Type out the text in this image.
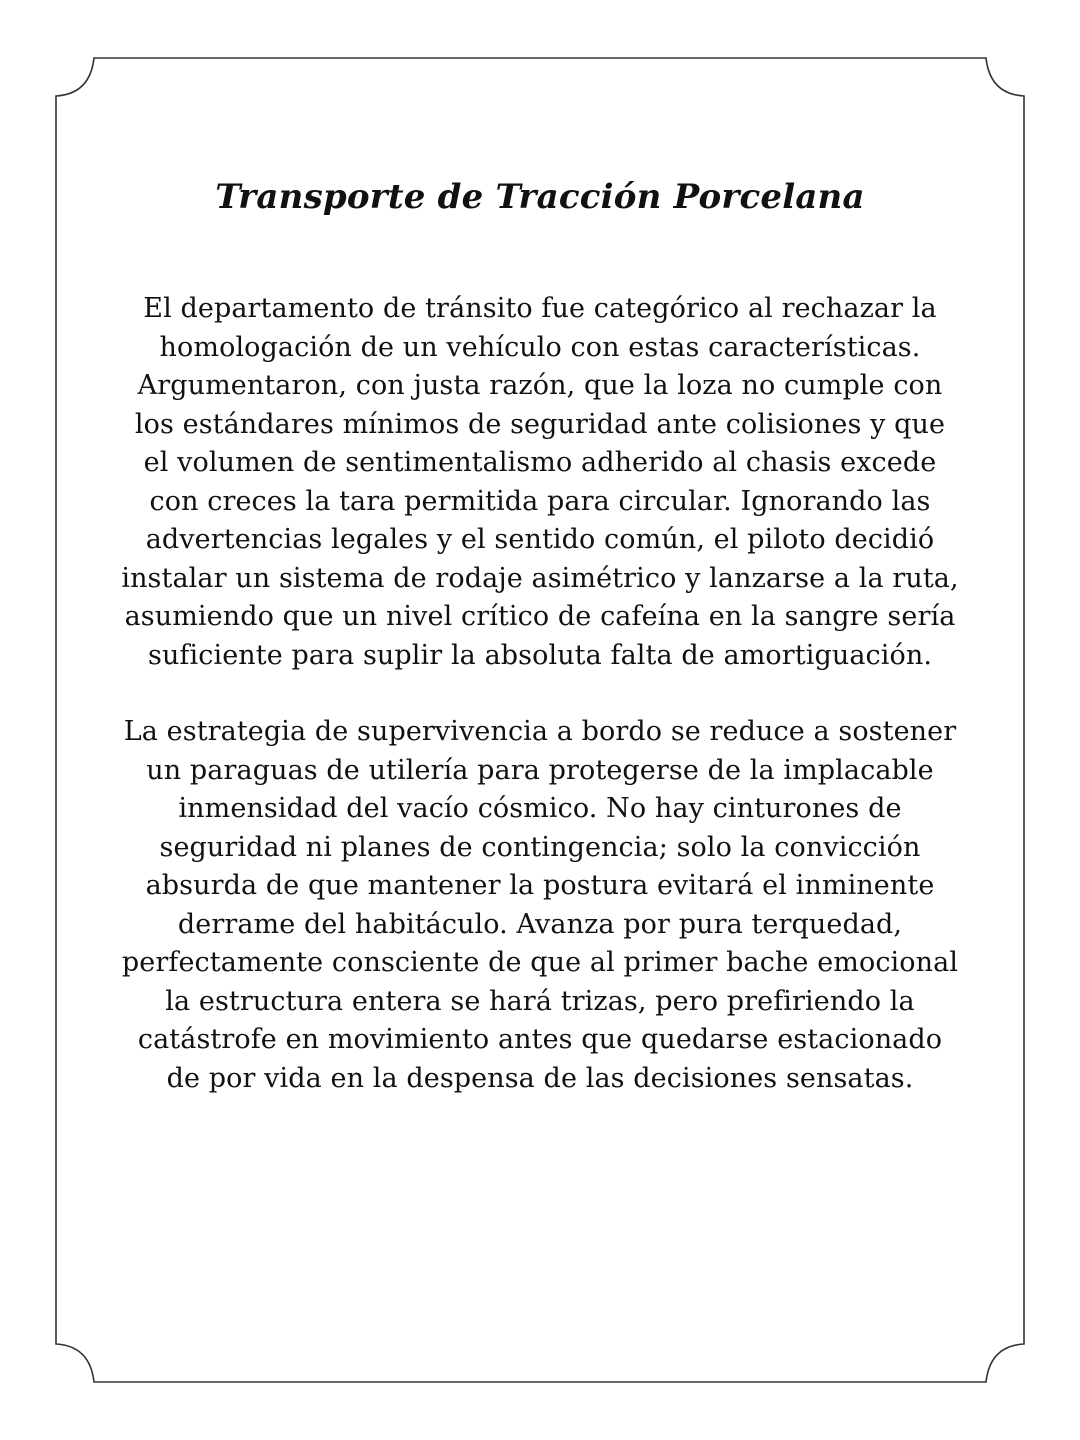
Transporte de Tracción Porcelana

El departamento de tránsito fue categórico al rechazar la homologación de un vehículo con estas características. Argumentaron, con justa razón, que la loza no cumple con los estándares mínimos de seguridad ante colisiones y que el volumen de sentimentalismo adherido al chasis excede con creces la tara permitida para circular. Ignorando las advertencias legales y el sentido común, el piloto decidió instalar un sistema de rodaje asimétrico y lanzarse a la ruta, asumiendo que un nivel crítico de cafeína en la sangre sería suficiente para suplir la absoluta falta de amortiguación.

La estrategia de supervivencia a bordo se reduce a sostener un paraguas de utilería para protegerse de la implacable inmensidad del vacío cósmico. No hay cinturones de seguridad ni planes de contingencia; solo la convicción absurda de que mantener la postura evitará el inminente derrame del habitáculo. Avanza por pura terquedad, perfectamente consciente de que al primer bache emocional la estructura entera se hará trizas, pero prefiriendo la catástrofe en movimiento antes que quedarse estacionado de por vida en la despensa de las decisiones sensatas.
